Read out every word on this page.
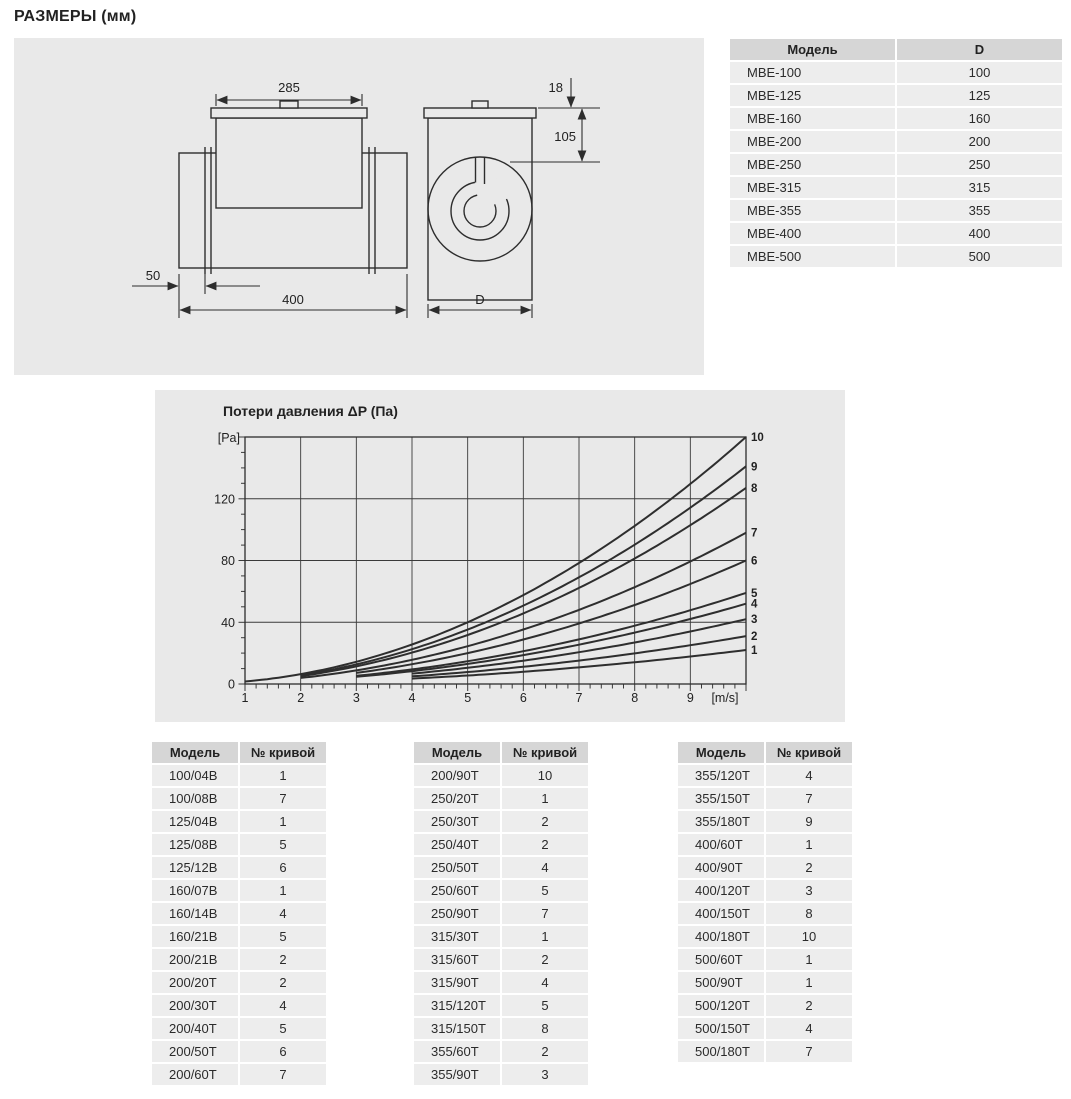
РАЗМЕРЫ (мм)
285
50
400	D
18
105
Модель	D
MBE-100	100
MBE-125	125
MBE-160	160
MBE-200	200
MBE-250	250
MBE-315	315
MBE-355	355
MBE-400	400
MBE-500	500
Потери давления ΔP (Па)
1
2
3
4
5
6
7
8
9
10
1	2	3	4	5	6	7	8	9 [m/s]
0
40
80
120
[Pa]
Модель	№ кривой
100/04B	1
100/08B	7
125/04B	1
125/08B	5
125/12B	6
160/07B	1
160/14B	4
160/21B	5
200/21B	2
200/20T	2
200/30T	4
200/40T	5
200/50T	6
200/60T	7
Модель	№ кривой
200/90T	10
250/20T	1
250/30T	2
250/40T	2
250/50T	4
250/60T	5
250/90T	7
315/30T	1
315/60T	2
315/90T	4
315/120T	5
315/150T	8
355/60T	2
355/90T	3
Модель	№ кривой
355/120T	4
355/150T	7
355/180T	9
400/60T	1
400/90T	2
400/120T	3
400/150T	8
400/180T	10
500/60T	1
500/90T	1
500/120T	2
500/150T	4
500/180T	7
